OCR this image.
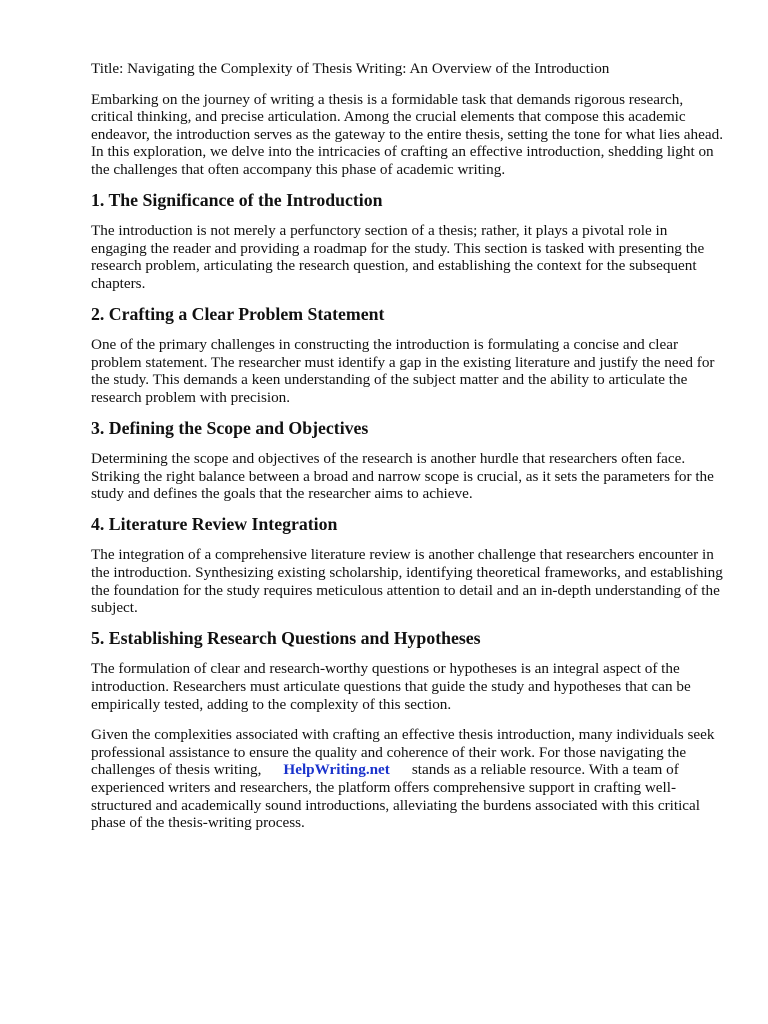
Title: Navigating the Complexity of Thesis Writing: An Overview of the Introduction

Embarking on the journey of writing a thesis is a formidable task that demands rigorous research, critical thinking, and precise articulation. Among the crucial elements that compose this academic endeavor, the introduction serves as the gateway to the entire thesis, setting the tone for what lies ahead. In this exploration, we delve into the intricacies of crafting an effective introduction, shedding light on the challenges that often accompany this phase of academic writing.

1. The Significance of the Introduction

The introduction is not merely a perfunctory section of a thesis; rather, it plays a pivotal role in engaging the reader and providing a roadmap for the study. This section is tasked with presenting the research problem, articulating the research question, and establishing the context for the subsequent chapters.

2. Crafting a Clear Problem Statement

One of the primary challenges in constructing the introduction is formulating a concise and clear problem statement. The researcher must identify a gap in the existing literature and justify the need for the study. This demands a keen understanding of the subject matter and the ability to articulate the research problem with precision.

3. Defining the Scope and Objectives

Determining the scope and objectives of the research is another hurdle that researchers often face. Striking the right balance between a broad and narrow scope is crucial, as it sets the parameters for the study and defines the goals that the researcher aims to achieve.

4. Literature Review Integration

The integration of a comprehensive literature review is another challenge that researchers encounter in the introduction. Synthesizing existing scholarship, identifying theoretical frameworks, and establishing the foundation for the study requires meticulous attention to detail and an in-depth understanding of the subject.

5. Establishing Research Questions and Hypotheses

The formulation of clear and research-worthy questions or hypotheses is an integral aspect of the introduction. Researchers must articulate questions that guide the study and hypotheses that can be empirically tested, adding to the complexity of this section.

Given the complexities associated with crafting an effective thesis introduction, many individuals seek professional assistance to ensure the quality and coherence of their work. For those navigating the challenges of thesis writing, HelpWriting.net stands as a reliable resource. With a team of experienced writers and researchers, the platform offers comprehensive support in crafting well-structured and academically sound introductions, alleviating the burdens associated with this critical phase of the thesis-writing process.
